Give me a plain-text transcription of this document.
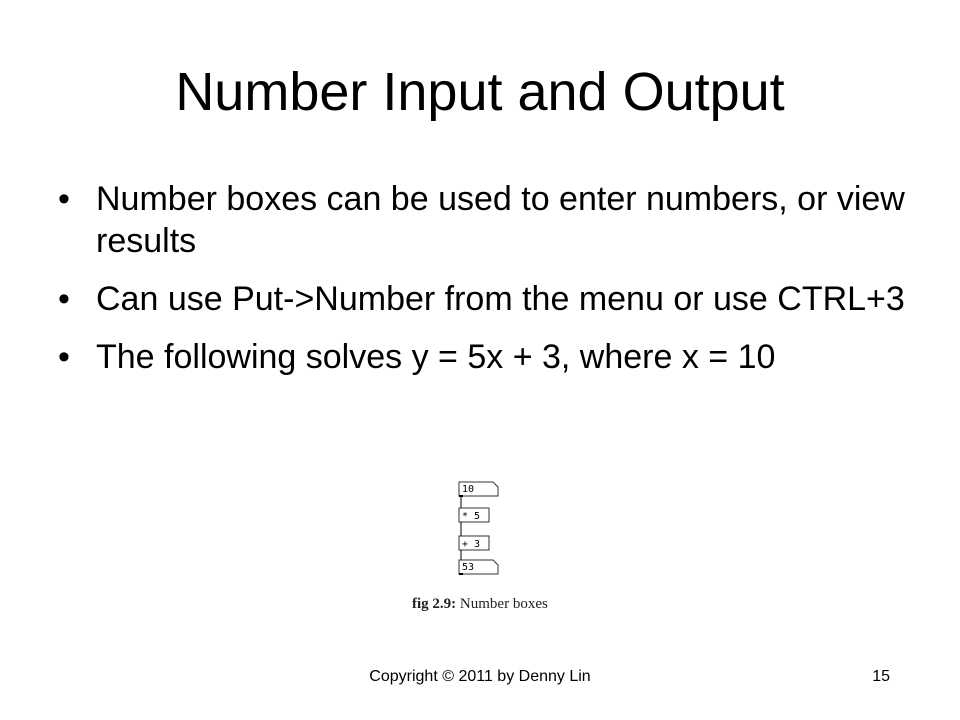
Number Input and Output
• Number boxes can be used to enter numbers, or view results
• Can use Put->Number from the menu or use CTRL+3
• The following solves y = 5x + 3, where x = 10
10
* 5
+ 3
53
fig 2.9: Number boxes
Copyright © 2011 by Denny Lin	15
